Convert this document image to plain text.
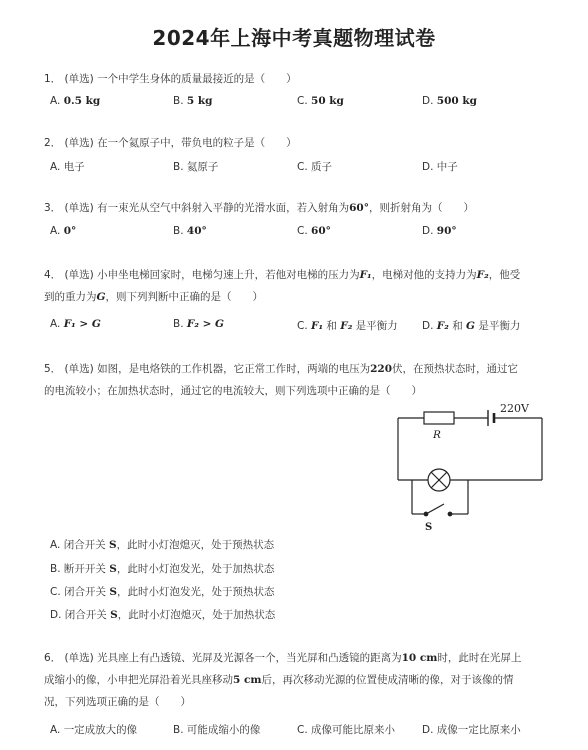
2024年上海中考真题物理试卷
1． (单选) 一个中学生身体的质量最接近的是（　　）
A. 0.5 kg	B. 5 kg	C. 50 kg	D. 500 kg
2． (单选) 在一个氦原子中，带负电的粒子是（　　）
A. 电子	B. 氦原子	C. 质子	D. 中子
3． (单选) 有一束光从空气中斜射入平静的光滑水面，若入射角为60°，则折射角为（　　）
A. 0°	B. 40°	C. 60°	D. 90°
4． (单选) 小申坐电梯回家时，电梯匀速上升，若他对电梯的压力为F₁，电梯对他的支持力为F₂，他受
到的重力为G，则下列判断中正确的是（　　）
A. F₁ > G	B. F₂ > G	C. F₁ 和 F₂ 是平衡力 D. F₂ 和 G 是平衡力
5． (单选) 如图，是电烙铁的工作机器，它正常工作时，两端的电压为220伏，在预热状态时，通过它
的电流较小；在加热状态时，通过它的电流较大，则下列选项中正确的是（　　）
R
220V
S
A. 闭合开关 S，此时小灯泡熄灭，处于预热状态
B. 断开开关 S，此时小灯泡发光，处于加热状态
C. 闭合开关 S，此时小灯泡发光，处于预热状态
D. 闭合开关 S，此时小灯泡熄灭，处于加热状态
6． (单选) 光具座上有凸透镜、光屏及光源各一个，当光屏和凸透镜的距离为10 cm时，此时在光屏上
成缩小的像，小申把光屏沿着光具座移动5 cm后，再次移动光源的位置使成清晰的像，对于该像的情
况，下列选项正确的是（　　）
A. 一定成放大的像	B. 可能成缩小的像	C. 成像可能比原来小	D. 成像一定比原来小
